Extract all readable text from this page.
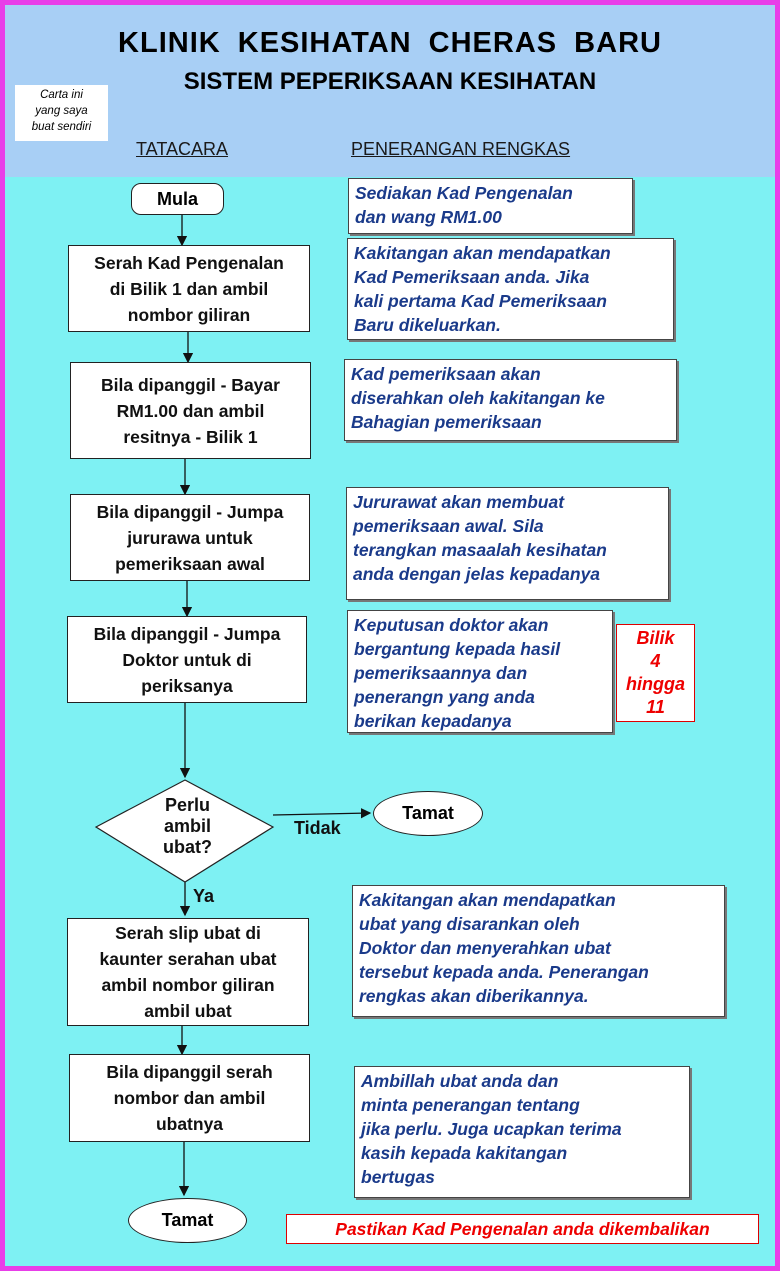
KLINIK KESIHATAN CHERAS BARU
SISTEM PEPERIKSAAN KESIHATAN
Carta ini
yang saya
buat sendiri
TATACARA	PENERANGAN RENGKAS
Mula
Serah Kad Pengenalan
di Bilik 1 dan ambil
nombor giliran
Bila dipanggil - Bayar
RM1.00 dan ambil
resitnya - Bilik 1
Bila dipanggil - Jumpa
jururawa untuk
pemeriksaan awal
Bila dipanggil - Jumpa
Doktor untuk di
periksanya
Perlu
ambil
ubat?
Tidak
Ya
Tamat
Serah slip ubat di
kaunter serahan ubat
ambil nombor giliran
ambil ubat
Bila dipanggil serah
nombor dan ambil
ubatnya
Tamat
Sediakan Kad Pengenalan
dan wang RM1.00
Kakitangan akan mendapatkan
Kad Pemeriksaan anda. Jika
kali pertama Kad Pemeriksaan
Baru dikeluarkan.
Kad pemeriksaan akan
diserahkan oleh kakitangan ke
Bahagian pemeriksaan
Jururawat akan membuat
pemeriksaan awal. Sila
terangkan masaalah kesihatan
anda dengan jelas kepadanya
Keputusan doktor akan
bergantung kepada hasil
pemeriksaannya dan
penerangn yang anda
berikan kepadanya
Bilik
4
hingga
11
Kakitangan akan mendapatkan
ubat yang disarankan oleh
Doktor dan menyerahkan ubat
tersebut kepada anda. Penerangan
rengkas akan diberikannya.
Ambillah ubat anda dan
minta penerangan tentang
jika perlu. Juga ucapkan terima
kasih kepada kakitangan
bertugas
Pastikan Kad Pengenalan anda dikembalikan
